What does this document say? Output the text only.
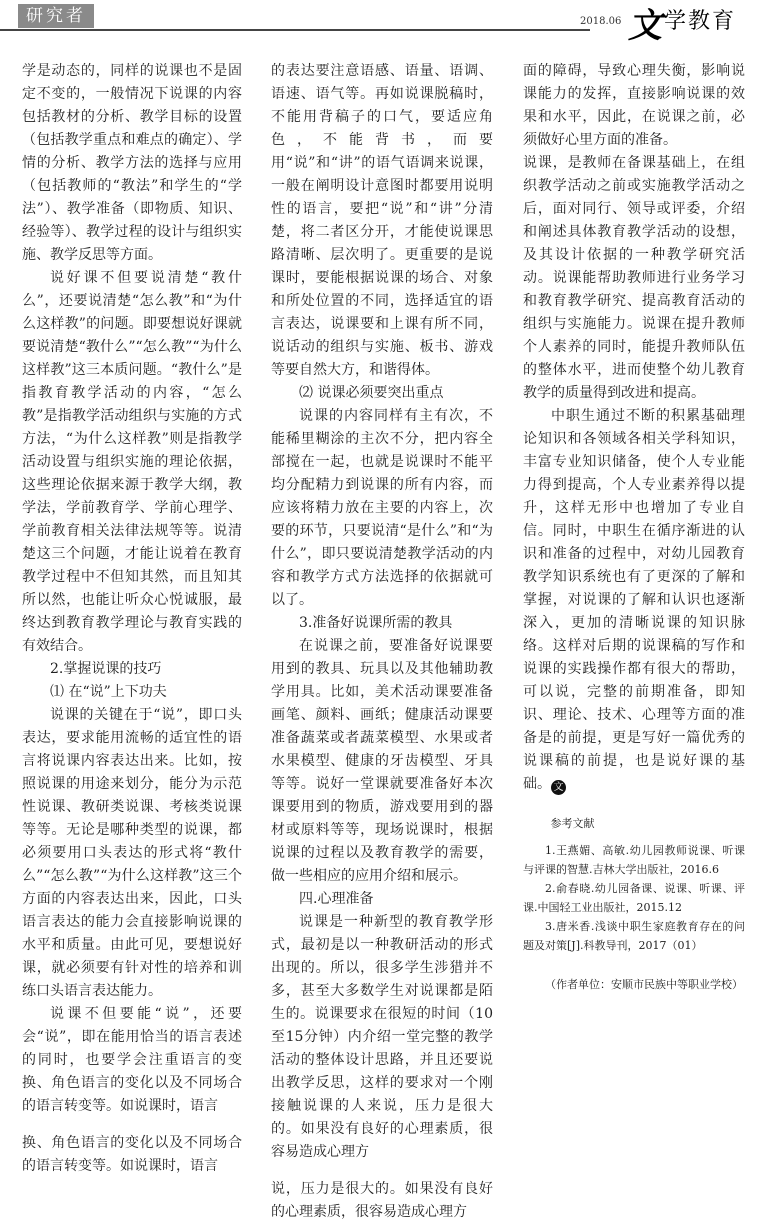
研究者	2018.06 文 学教育

学是动态的，同样的说课也不是固定不变的，一般情况下说课的内容包括教材的分析、教学目标的设置（包括教学重点和难点的确定）、学情的分析、教学方法的选择与应用（包括教师的“教法”和学生的“学法”）、教学准备（即物质、知识、经验等）、教学过程的设计与组织实施、教学反思等方面。

说好课不但要说清楚“教什么”，还要说清楚“怎么教”和“为什么这样教”的问题。即要想说好课就要说清楚“教什么”“怎么教”“为什么这样教”这三本质问题。“教什么”是指教育教学活动的内容，“怎么教”是指教学活动组织与实施的方式方法，“为什么这样教”则是指教学活动设置与组织实施的理论依据，这些理论依据来源于教学大纲，教学法，学前教育学、学前心理学、学前教育相关法律法规等等。说清楚这三个问题，才能让说着在教育教学过程中不但知其然，而且知其所以然，也能让听众心悦诚服，最终达到教育教学理论与教育实践的有效结合。

2.掌握说课的技巧

⑴ 在“说”上下功夫

说课的关键在于“说”，即口头表达，要求能用流畅的适宜性的语言将说课内容表达出来。比如，按照说课的用途来划分，能分为示范性说课、教研类说课、考核类说课等等。无论是哪种类型的说课，都必须要用口头表达的形式将“教什么”“怎么教”“为什么这样教”这三个方面的内容表达出来，因此，口头语言表达的能力会直接影响说课的水平和质量。由此可见，要想说好课，就必须要有针对性的培养和训练口头语言表达能力。

说课不但要能“说”，还要会“说”，即在能用恰当的语言表述的同时，也要学会注重语言的变换、角色语言的变化以及不同场合的语言转变等。如说课时，语言

换、角色语言的变化以及不同场合的语言转变等。如说课时，语言

的表达要注意语感、语量、语调、语速、语气等。再如说课脱稿时，不能用背稿子的口气，要适应角色，不能背书，而要用“说”和“讲”的语气语调来说课，一般在阐明设计意图时都要用说明性的语言，要把“说”和“讲”分清楚，将二者区分开，才能使说课思路清晰、层次明了。更重要的是说课时，要能根据说课的场合、对象和所处位置的不同，选择适宜的语言表达，说课要和上课有所不同，说话动的组织与实施、板书、游戏等要自然大方，和谐得体。

⑵ 说课必须要突出重点

说课的内容同样有主有次，不能稀里糊涂的主次不分，把内容全部搅在一起，也就是说课时不能平均分配精力到说课的所有内容，而应该将精力放在主要的内容上，次要的环节，只要说清“是什么”和“为什么”，即只要说清楚教学活动的内容和教学方式方法选择的依据就可以了。

3.准备好说课所需的教具

在说课之前，要准备好说课要用到的教具、玩具以及其他辅助教学用具。比如，美术活动课要准备画笔、颜料、画纸；健康活动课要准备蔬菜或者蔬菜模型、水果或者水果模型、健康的牙齿模型、牙具等等。说好一堂课就要准备好本次课要用到的物质，游戏要用到的器材或原料等等，现场说课时，根据说课的过程以及教育教学的需要，做一些相应的应用介绍和展示。

四.心理准备

说课是一种新型的教育教学形式，最初是以一种教研活动的形式出现的。所以，很多学生涉猎并不多，甚至大多数学生对说课都是陌生的。说课要求在很短的时间（10至15分钟）内介绍一堂完整的教学活动的整体设计思路，并且还要说出教学反思，这样的要求对一个刚接触说课的人来说，压力是很大的。如果没有良好的心理素质，很容易造成心理方

说，压力是很大的。如果没有良好的心理素质，很容易造成心理方

面的障碍，导致心理失衡，影响说课能力的发挥，直接影响说课的效果和水平，因此，在说课之前，必须做好心里方面的准备。

说课，是教师在备课基础上，在组织教学活动之前或实施教学活动之后，面对同行、领导或评委，介绍和阐述具体教育教学活动的设想，及其设计依据的一种教学研究活动。说课能帮助教师进行业务学习和教育教学研究、提高教育活动的组织与实施能力。说课在提升教师个人素养的同时，能提升教师队伍的整体水平，进而使整个幼儿教育教学的质量得到改进和提高。

中职生通过不断的积累基础理论知识和各领域各相关学科知识，丰富专业知识储备，使个人专业能力得到提高，个人专业素养得以提升，这样无形中也增加了专业自信。同时，中职生在循序渐进的认识和准备的过程中，对幼儿园教育教学知识系统也有了更深的了解和掌握，对说课的了解和认识也逐渐深入，更加的清晰说课的知识脉络。这样对后期的说课稿的写作和说课的实践操作都有很大的帮助，可以说，完整的前期准备，即知识、理论、技术、心理等方面的准备是的前提，更是写好一篇优秀的说课稿的前提，也是说好课的基础。 文

参考文献

1.王燕媚、高敏.幼儿园教师说课、听课与评课的智慧.吉林大学出版社，2016.6

2.俞春晓.幼儿园备课、说课、听课、评课.中国轻工业出版社，2015.12

3.唐米香.浅谈中职生家庭教育存在的问题及对策[J].科教导刊，2017（01）

（作者单位：安顺市民族中等职业学校）
